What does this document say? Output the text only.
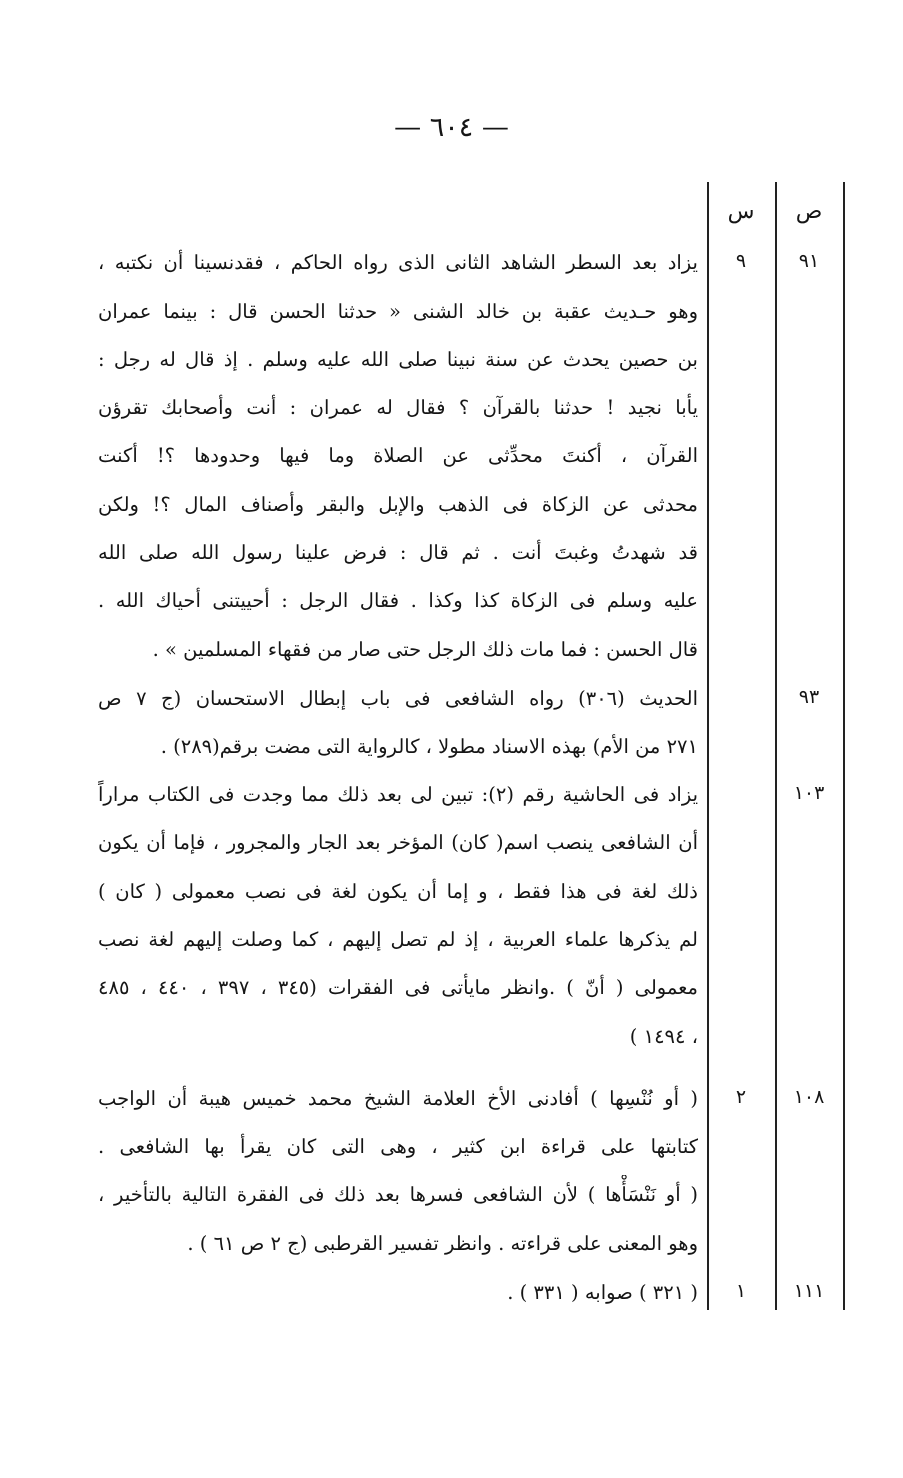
— ٦٠٤ —
ص
س
٩١
٩
يزاد بعد السطر الشاهد الثانى الذى رواه الحاكم ، فقدنسينا أن نكتبه ،
وهو حـديث عقبة بن خالد الشنى « حدثنا الحسن قال : بينما عمران
بن حصين يحدث عن سنة نبينا صلى الله عليه وسلم . إذ قال له رجل :
يأبا نجيد ! حدثنا بالقرآن ؟ فقال له عمران : أنت وأصحابك تقرؤن
القرآن ، أكنتَ محدِّثى عن الصلاة وما فيها وحدودها ؟! أكنت
محدثى عن الزكاة فى الذهب والإبل والبقر وأصناف المال ؟! ولكن
قد شهدتُ وغبتَ أنت . ثم قال : فرض علينا رسول الله صلى الله
عليه وسلم فى الزكاة كذا وكذا . فقال الرجل : أحييتنى أحياك الله .
قال الحسن : فما مات ذلك الرجل حتى صار من فقهاء المسلمين » .
٩٣
الحديث (٣٠٦) رواه الشافعى فى باب إبطال الاستحسان (ج ٧ ص
٢٧١ من الأم) بهذه الاسناد مطولا ، كالرواية التى مضت برقم(٢٨٩) .
١٠٣
يزاد فى الحاشية رقم (٢): تبين لى بعد ذلك مما وجدت فى الكتاب مراراً
أن الشافعى ينصب اسم( كان) المؤخر بعد الجار والمجرور ، فإما أن يكون
ذلك لغة فى هذا فقط ، و إما أن يكون لغة فى نصب معمولى ( كان )
لم يذكرها علماء العربية ، إذ لم تصل إليهم ، كما وصلت إليهم لغة نصب
معمولى ( أنّ ) .وانظر مايأتى فى الفقرات (٣٤٥ ، ٣٩٧ ، ٤٤٠ ، ٤٨٥
، ١٤٩٤ )
١٠٨
٢
( أو نُنْسِها ) أفادنى الأخ العلامة الشيخ محمد خميس هيبة أن الواجب
كتابتها على قراءة ابن كثير ، وهى التى كان يقرأ بها الشافعى .
( أو نَنْسَأْها ) لأن الشافعى فسرها بعد ذلك فى الفقرة التالية بالتأخير ،
وهو المعنى على قراءته . وانظر تفسير القرطبى (ج ٢ ص ٦١ ) .
١١١
١
( ٣٢١ ) صوابه ( ٣٣١ ) .
